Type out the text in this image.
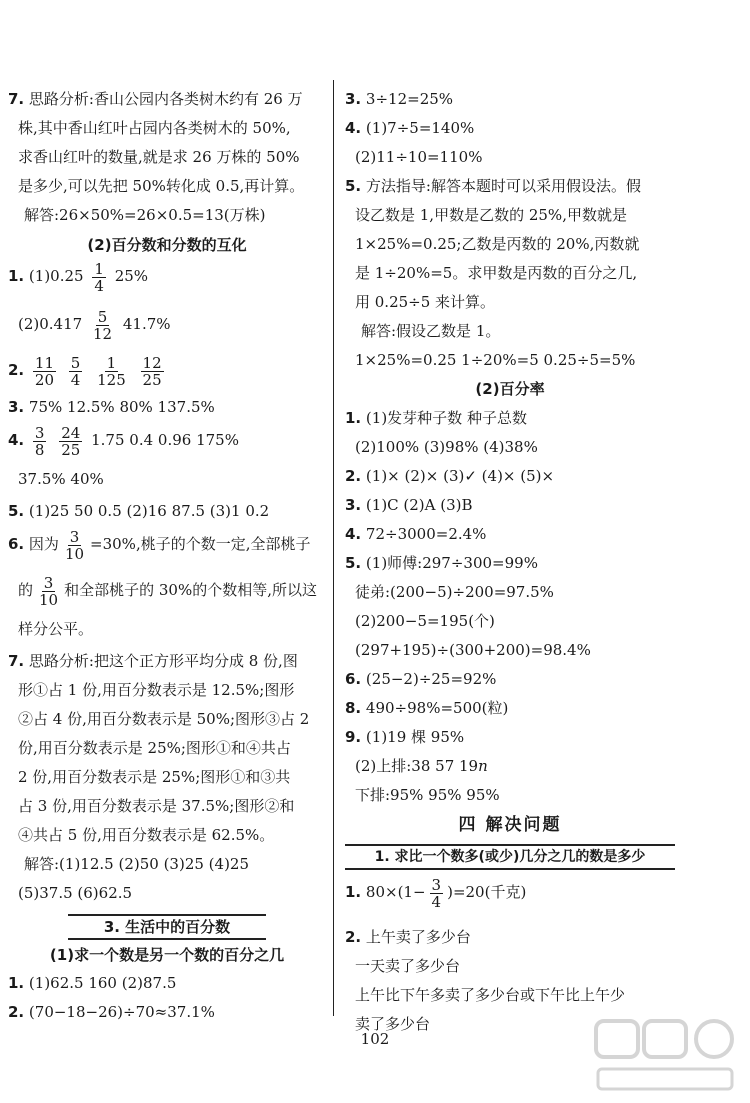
7. 思路分析:香山公园内各类树木约有 26 万
株,其中香山红叶占园内各类树木的 50%,
求香山红叶的数量,就是求 26 万株的 50%
是多少,可以先把 50%转化成 0.5,再计算。
解答:26×50%=26×0.5=13(万株)
(2)百分数和分数的互化
1. $(1)0.25 \frac{1}{4} 25\%$
$(2)0.417 \frac{5}{12} 41.7\%$
2. $\frac{11}{20}$
$\frac{5}{4}$
$\frac{1}{125}$
$\frac{12}{25}$
3. 75% 12.5% 80% 137.5%
4. $\frac{3}{8}$
$\frac{24}{25} 1.75$ 0.4 0.96 175%
37.5% 40%
5. (1)25 50 0.5 (2)16 87.5 (3)1 0.2
6. 因为 $\frac{3}{10} =30\%$,桃子的个数一定,全部桃子
的 $\frac{3}{10}$ 和全部桃子的 30%的个数相等,所以这
样分公平。
7. 思路分析:把这个正方形平均分成 8 份,图
形①占 1 份,用百分数表示是 12.5%;图形
②占 4 份,用百分数表示是 50%;图形③占 2
份,用百分数表示是 25%;图形①和④共占
2 份,用百分数表示是 25%;图形①和③共
占 3 份,用百分数表示是 37.5%;图形②和
④共占 5 份,用百分数表示是 62.5%。
解答:(1)12.5 (2)50 (3)25 (4)25
(5)37.5 (6)62.5
3. 生活中的百分数
(1)求一个数是另一个数的百分之几
1. (1)62.5 160 (2)87.5
2. (70−18−26)÷70≈37.1%
3. 3÷12=25%
4. (1)7÷5=140%
(2)11÷10=110%
5. 方法指导:解答本题时可以采用假设法。假
设乙数是 1,甲数是乙数的 25%,甲数就是
1×25%=0.25;乙数是丙数的 20%,丙数就
是 1÷20%=5。求甲数是丙数的百分之几,
用 0.25÷5 来计算。
解答:假设乙数是 1。
1×25%=0.25 1÷20%=5 0.25÷5=5%
(2)百分率
1. (1)发芽种子数 种子总数
(2)100% (3)98% (4)38%
2. (1)× (2)× (3)✓ (4)× (5)×
3. (1)C (2)A (3)B
4. 72÷3000=2.4%
5. (1)师傅:297÷300=99%
徒弟:(200−5)÷200=97.5%
(2)200−5=195(个)
(297+195)÷(300+200)=98.4%
6. (25−2)÷25=92%
8. 490÷98%=500(粒)
9. (1)19 棵 95%
(2)上排:38 57 19n
下排:95% 95% 95%
四 解决问题
1. 求比一个数多(或少)几分之几的数是多少
1. $80\times(1- \frac{3}{4} )=20$(千克)
2. 上午卖了多少台
一天卖了多少台
上午比下午多卖了多少台或下午比上午少
卖了多少台
102
